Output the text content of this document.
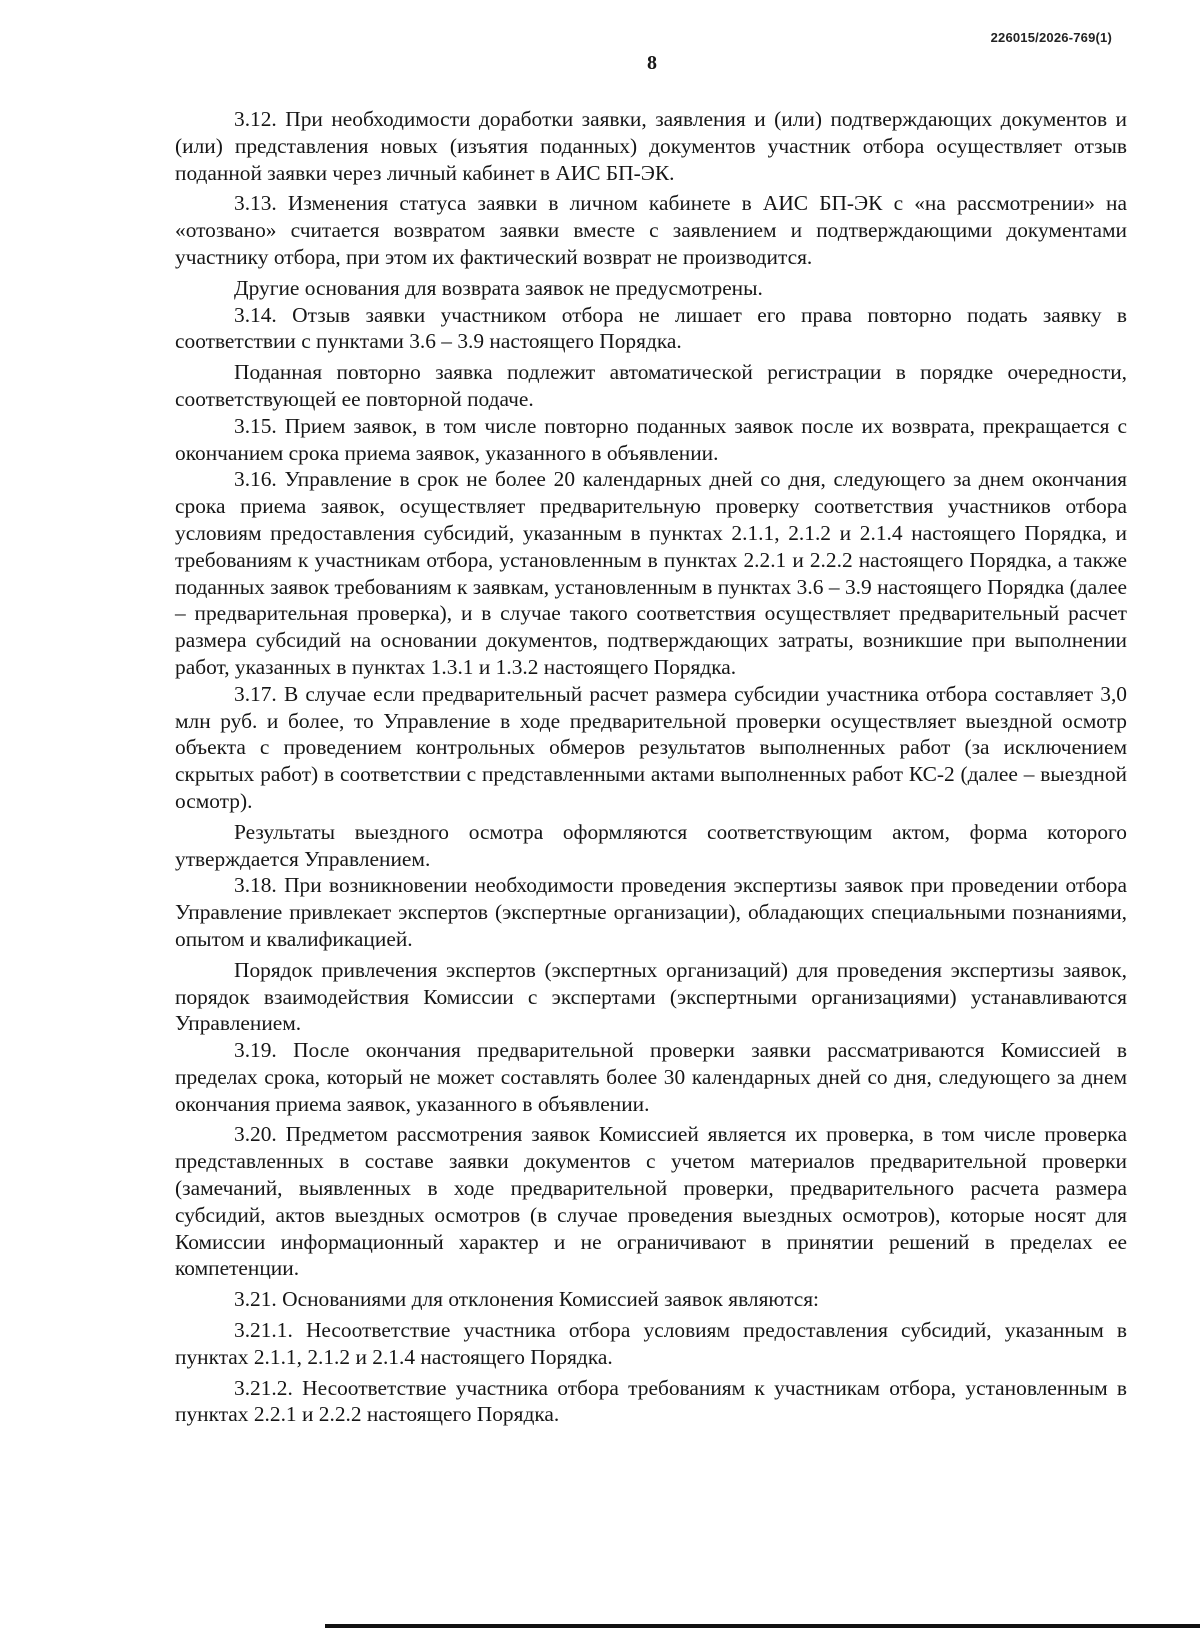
226015/2026-769(1)
8

3.12. При необходимости доработки заявки, заявления и (или) подтверждающих документов и (или) представления новых (изъятия поданных) документов участник отбора осуществляет отзыв поданной заявки через личный кабинет в АИС БП-ЭК.

3.13. Изменения статуса заявки в личном кабинете в АИС БП-ЭК с «на рассмотрении» на «отозвано» считается возвратом заявки вместе с заявлением и подтверждающими документами участнику отбора, при этом их фактический возврат не производится.

Другие основания для возврата заявок не предусмотрены.

3.14. Отзыв заявки участником отбора не лишает его права повторно подать заявку в соответствии с пунктами 3.6 – 3.9 настоящего Порядка.

Поданная повторно заявка подлежит автоматической регистрации в порядке очередности, соответствующей ее повторной подаче.

3.15. Прием заявок, в том числе повторно поданных заявок после их возврата, прекращается с окончанием срока приема заявок, указанного в объявлении.

3.16. Управление в срок не более 20 календарных дней со дня, следующего за днем окончания срока приема заявок, осуществляет предварительную проверку соответствия участников отбора условиям предоставления субсидий, указанным в пунктах 2.1.1, 2.1.2 и 2.1.4 настоящего Порядка, и требованиям к участникам отбора, установленным в пунктах 2.2.1 и 2.2.2 настоящего Порядка, а также поданных заявок требованиям к заявкам, установленным в пунктах 3.6 – 3.9 настоящего Порядка (далее – предварительная проверка), и в случае такого соответствия осуществляет предварительный расчет размера субсидий на основании документов, подтверждающих затраты, возникшие при выполнении работ, указанных в пунктах 1.3.1 и 1.3.2 настоящего Порядка.

3.17. В случае если предварительный расчет размера субсидии участника отбора составляет 3,0 млн руб. и более, то Управление в ходе предварительной проверки осуществляет выездной осмотр объекта с проведением контрольных обмеров результатов выполненных работ (за исключением скрытых работ) в соответствии с представленными актами выполненных работ КС-2 (далее – выездной осмотр).

Результаты выездного осмотра оформляются соответствующим актом, форма которого утверждается Управлением.

3.18. При возникновении необходимости проведения экспертизы заявок при проведении отбора Управление привлекает экспертов (экспертные организации), обладающих специальными познаниями, опытом и квалификацией.

Порядок привлечения экспертов (экспертных организаций) для проведения экспертизы заявок, порядок взаимодействия Комиссии с экспертами (экспертными организациями) устанавливаются Управлением.

3.19. После окончания предварительной проверки заявки рассматриваются Комиссией в пределах срока, который не может составлять более 30 календарных дней со дня, следующего за днем окончания приема заявок, указанного в объявлении.

3.20. Предметом рассмотрения заявок Комиссией является их проверка, в том числе проверка представленных в составе заявки документов с учетом материалов предварительной проверки (замечаний, выявленных в ходе предварительной проверки, предварительного расчета размера субсидий, актов выездных осмотров (в случае проведения выездных осмотров), которые носят для Комиссии информационный характер и не ограничивают в принятии решений в пределах ее компетенции.

3.21. Основаниями для отклонения Комиссией заявок являются:

3.21.1. Несоответствие участника отбора условиям предоставления субсидий, указанным в пунктах 2.1.1, 2.1.2 и 2.1.4 настоящего Порядка.

3.21.2. Несоответствие участника отбора требованиям к участникам отбора, установленным в пунктах 2.2.1 и 2.2.2 настоящего Порядка.
